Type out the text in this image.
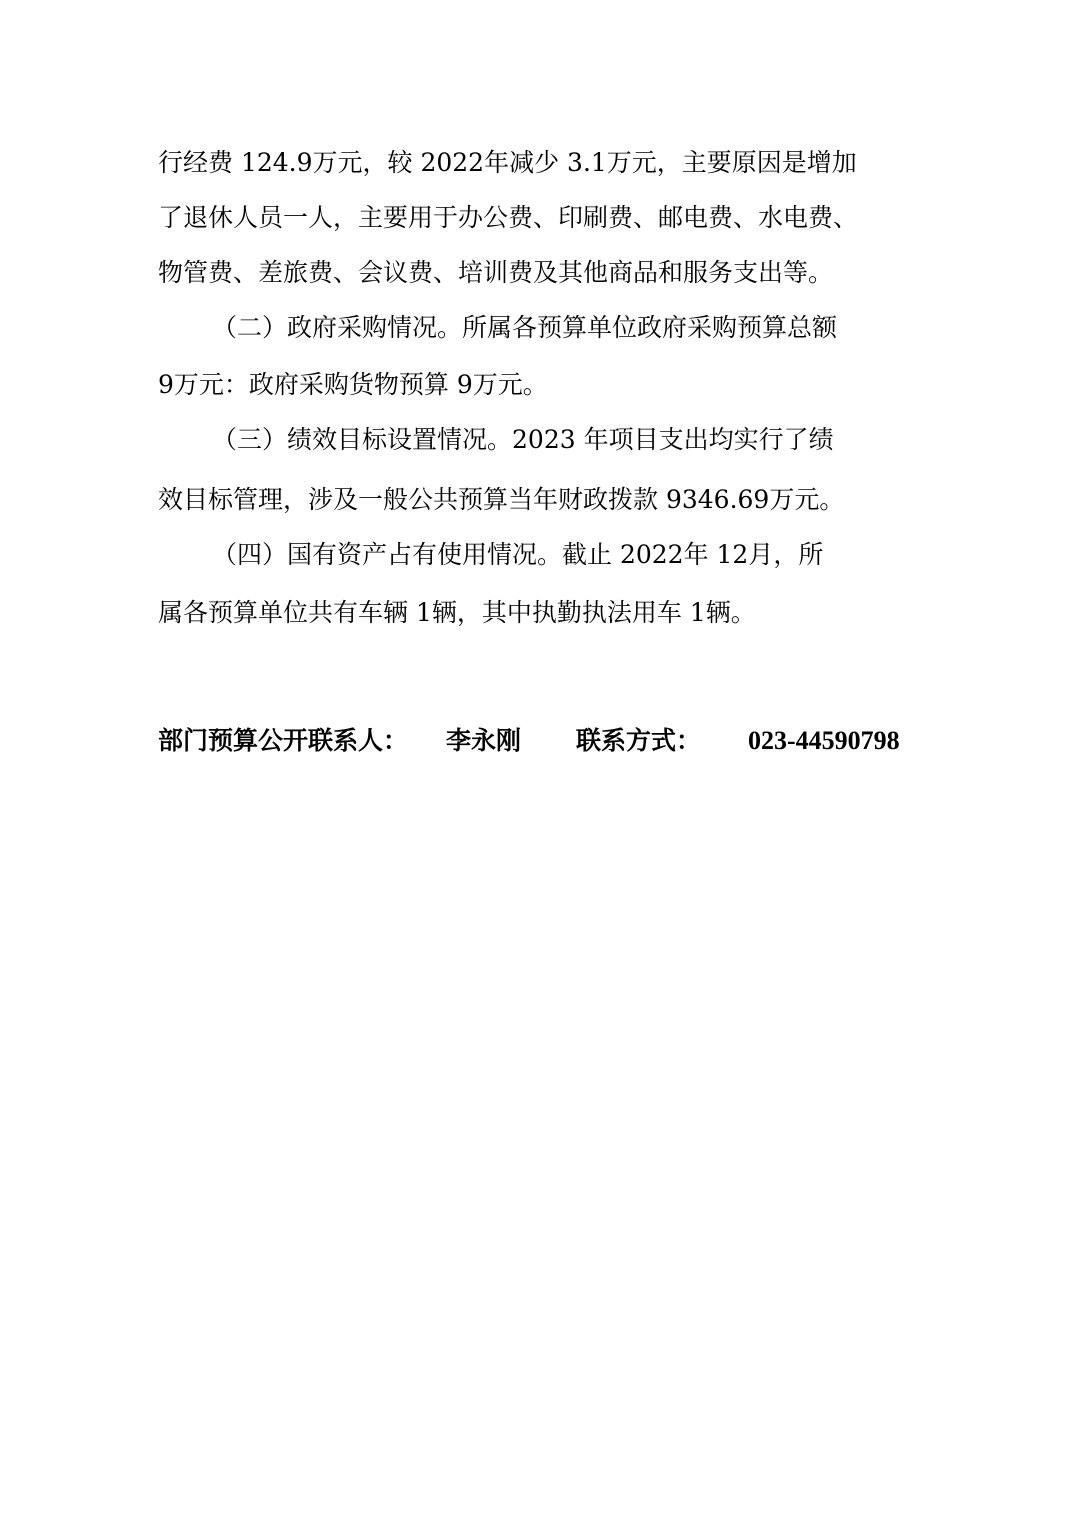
行经费 124.9万元，较 2022年减少 3.1万元，主要原因是增加
了退休人员一人，主要用于办公费、印刷费、邮电费、水电费、
物管费、差旅费、会议费、培训费及其他商品和服务支出等。
（二）政府采购情况。所属各预算单位政府采购预算总额
9万元：政府采购货物预算 9万元。
（三）绩效目标设置情况。2023 年项目支出均实行了绩
效目标管理，涉及一般公共预算当年财政拨款 9346.69万元。
（四）国有资产占有使用情况。截止 2022年 12月，所
属各预算单位共有车辆 1辆，其中执勤执法用车 1辆。
部门预算公开联系人： 李永刚 联系方式： 023-44590798
